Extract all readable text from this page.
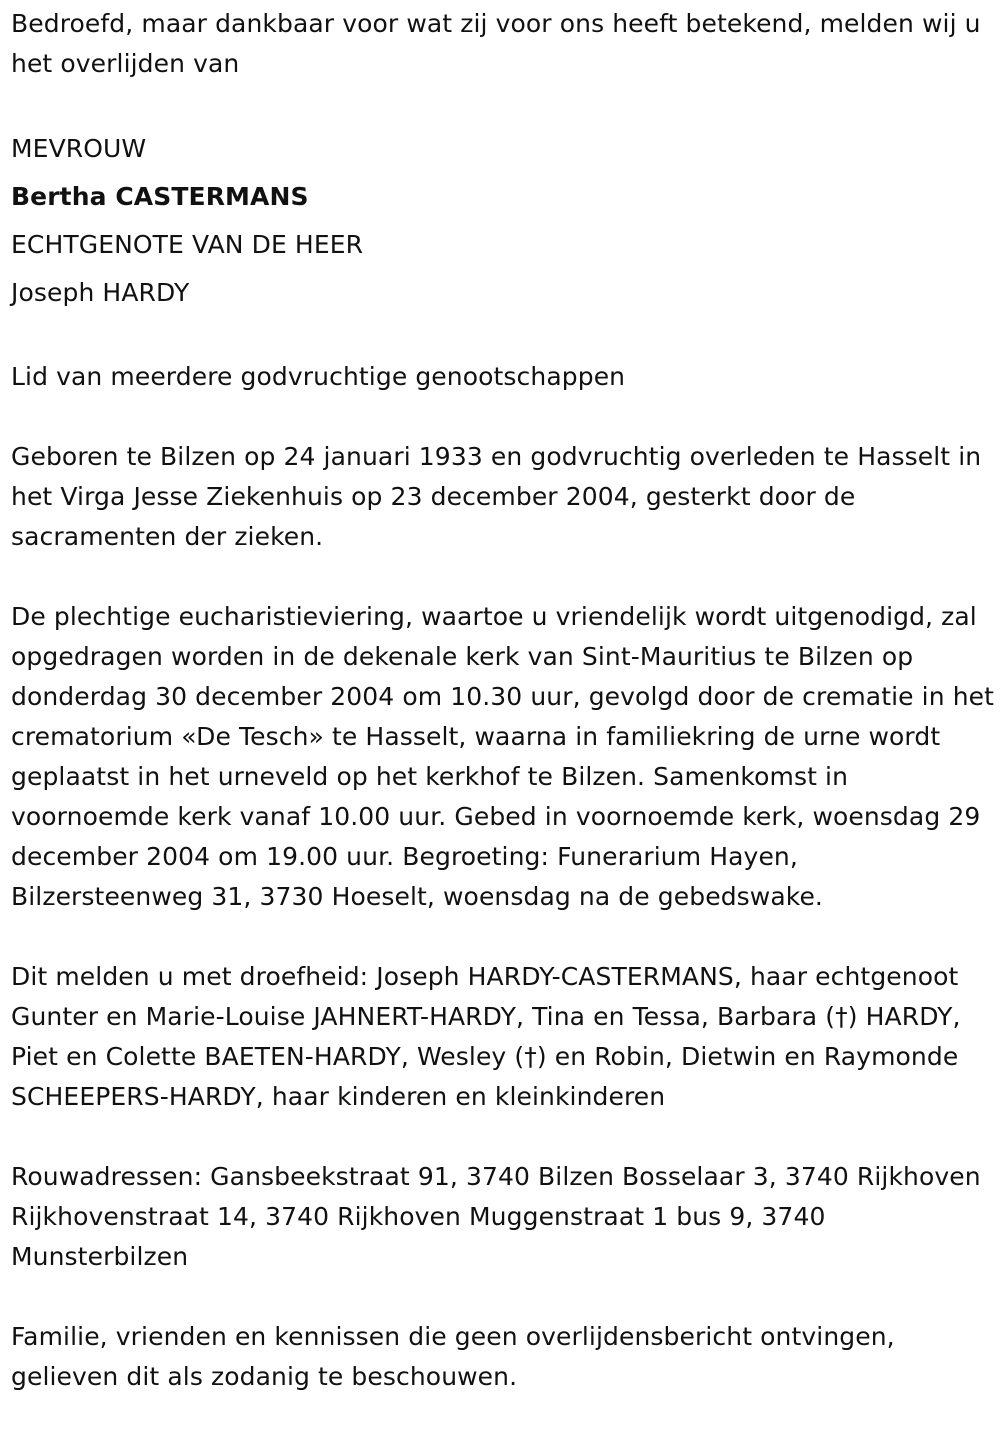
Bedroefd, maar dankbaar voor wat zij voor ons heeft betekend, melden wij u het overlijden van

MEVROUW

Bertha CASTERMANS

ECHTGENOTE VAN DE HEER

Joseph HARDY

Lid van meerdere godvruchtige genootschappen

Geboren te Bilzen op 24 januari 1933 en godvruchtig overleden te Hasselt in het Virga Jesse Ziekenhuis op 23 december 2004, gesterkt door de sacramenten der zieken.

De plechtige eucharistieviering, waartoe u vriendelijk wordt uitgenodigd, zal opgedragen worden in de dekenale kerk van Sint-Mauritius te Bilzen op donderdag 30 december 2004 om 10.30 uur, gevolgd door de crematie in het crematorium «De Tesch» te Hasselt, waarna in familiekring de urne wordt geplaatst in het urneveld op het kerkhof te Bilzen. Samenkomst in voornoemde kerk vanaf 10.00 uur. Gebed in voornoemde kerk, woensdag 29 december 2004 om 19.00 uur. Begroeting: Funerarium Hayen, Bilzersteenweg 31, 3730 Hoeselt, woensdag na de gebedswake.

Dit melden u met droefheid: Joseph HARDY-CASTERMANS, haar echtgenoot Gunter en Marie-Louise JAHNERT-HARDY, Tina en Tessa, Barbara (†) HARDY, Piet en Colette BAETEN-HARDY, Wesley (†) en Robin, Dietwin en Raymonde SCHEEPERS-HARDY, haar kinderen en kleinkinderen

Rouwadressen: Gansbeekstraat 91, 3740 Bilzen Bosselaar 3, 3740 Rijkhoven Rijkhovenstraat 14, 3740 Rijkhoven Muggenstraat 1 bus 9, 3740 Munsterbilzen

Familie, vrienden en kennissen die geen overlijdensbericht ontvingen, gelieven dit als zodanig te beschouwen.
